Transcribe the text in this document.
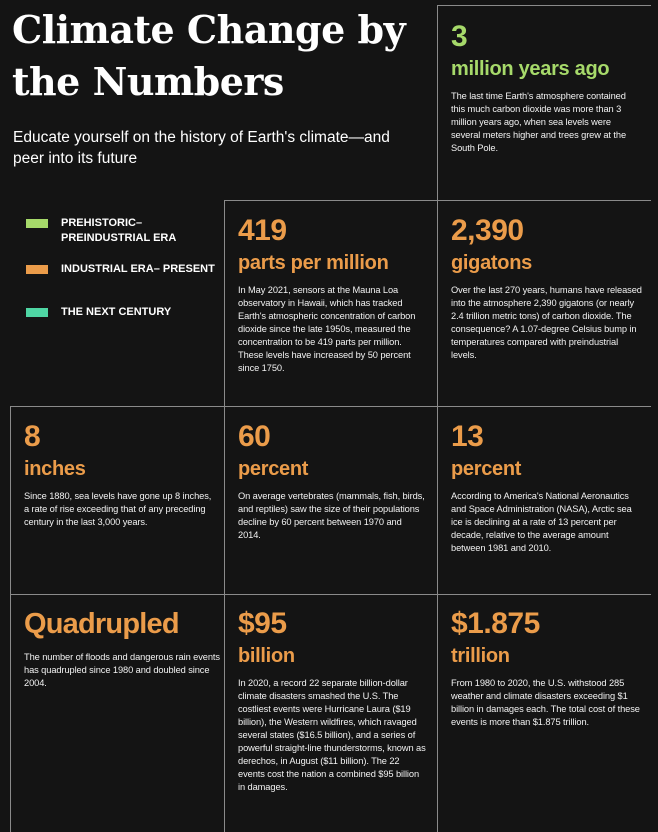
Climate Change by the Numbers

Educate yourself on the history of Earth's climate—and peer into its future

PREHISTORIC– PREINDUSTRIAL ERA
INDUSTRIAL ERA– PRESENT
THE NEXT CENTURY
3
million years ago
The last time Earth's atmosphere contained this much carbon dioxide was more than 3 million years ago, when sea levels were several meters higher and trees grew at the South Pole.
419
parts per million
In May 2021, sensors at the Mauna Loa observatory in Hawaii, which has tracked Earth's atmospheric concentration of carbon dioxide since the late 1950s, measured the concentration to be 419 parts per million. These levels have increased by 50 percent since 1750.
2,390
gigatons
Over the last 270 years, humans have released into the atmosphere 2,390 gigatons (or nearly 2.4 trillion metric tons) of carbon dioxide. The consequence? A 1.07-degree Celsius bump in temperatures compared with preindustrial levels.
8
inches
Since 1880, sea levels have gone up 8 inches, a rate of rise exceeding that of any preceding century in the last 3,000 years.
60
percent
On average vertebrates (mammals, fish, birds, and reptiles) saw the size of their populations decline by 60 percent between 1970 and 2014.
13
percent
According to America's National Aeronautics and Space Administration (NASA), Arctic sea ice is declining at a rate of 13 percent per decade, relative to the average amount between 1981 and 2010.
Quadrupled
The number of floods and dangerous rain events has quadrupled since 1980 and doubled since 2004.
$95
billion
In 2020, a record 22 separate billion-dollar climate disasters smashed the U.S. The costliest events were Hurricane Laura ($19 billion), the Western wildfires, which ravaged several states ($16.5 billion), and a series of powerful straight-line thunderstorms, known as derechos, in August ($11 billion). The 22 events cost the nation a combined $95 billion in damages.
$1.875
trillion
From 1980 to 2020, the U.S. withstood 285 weather and climate disasters exceeding $1 billion in damages each. The total cost of these events is more than $1.875 trillion.
